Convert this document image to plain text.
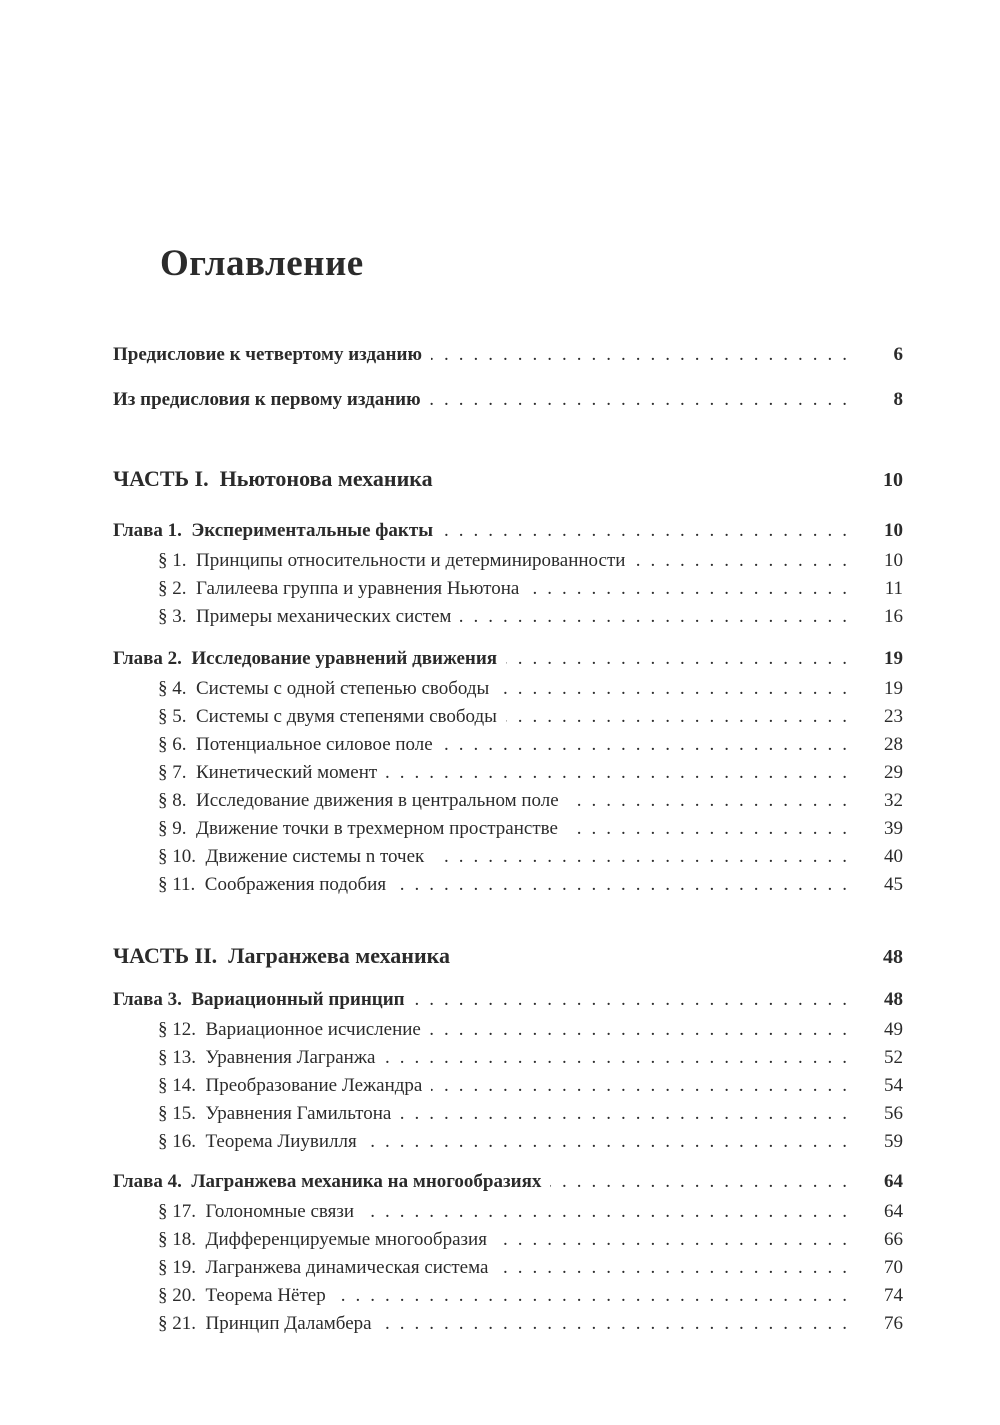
Оглавление
Предисловие к четвертому изданию .....	6
Из предисловия к первому изданию .....	8
ЧАСТЬ I.  Ньютонова механика	10
Глава 1.  Экспериментальные факты .....	10
§ 1.  Принципы относительности и детерминированности .....	10
§ 2.  Галилеева группа и уравнения Ньютона .....	11
§ 3.  Примеры механических систем .....	16
Глава 2.  Исследование уравнений движения .....	19
§ 4.  Системы с одной степенью свободы .....	19
§ 5.  Системы с двумя степенями свободы .....	23
§ 6.  Потенциальное силовое поле .....	28
§ 7.  Кинетический момент .....	29
§ 8.  Исследование движения в центральном поле .....	32
§ 9.  Движение точки в трехмерном пространстве .....	39
§ 10.  Движение системы n точек .....	40
§ 11.  Соображения подобия .....	45
ЧАСТЬ II.  Лагранжева механика	48
Глава 3.  Вариационный принцип .....	48
§ 12.  Вариационное исчисление .....	49
§ 13.  Уравнения Лагранжа .....	52
§ 14.  Преобразование Лежандра .....	54
§ 15.  Уравнения Гамильтона .....	56
§ 16.  Теорема Лиувилля .....	59
Глава 4.  Лагранжева механика на многообразиях .....	64
§ 17.  Голономные связи .....	64
§ 18.  Дифференцируемые многообразия .....	66
§ 19.  Лагранжева динамическая система .....	70
§ 20.  Теорема Нётер .....	74
§ 21.  Принцип Даламбера .....	76
